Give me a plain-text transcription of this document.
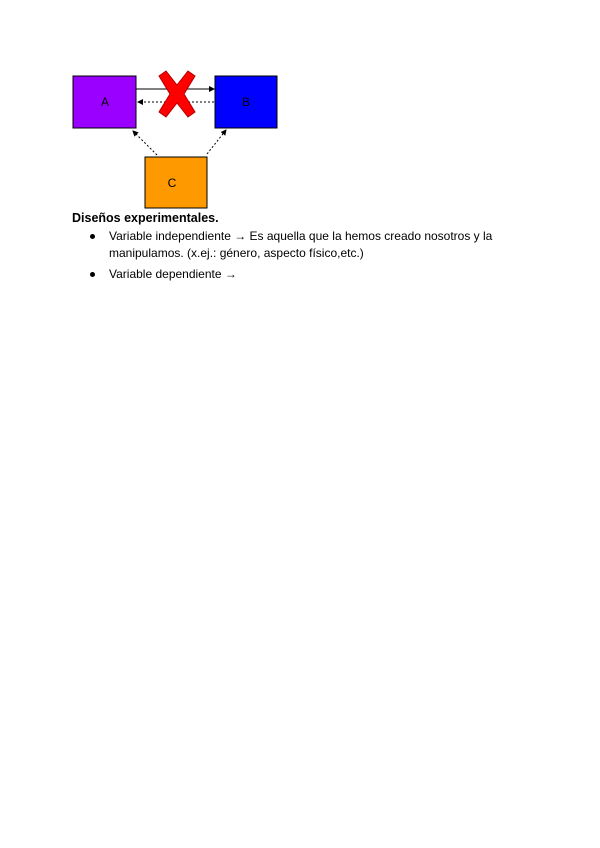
A	B
C
Diseños experimentales.
Variable independiente → Es aquella que la hemos creado nosotros y la manipulamos. (x.ej.: género, aspecto físico,etc.)
Variable dependiente →
